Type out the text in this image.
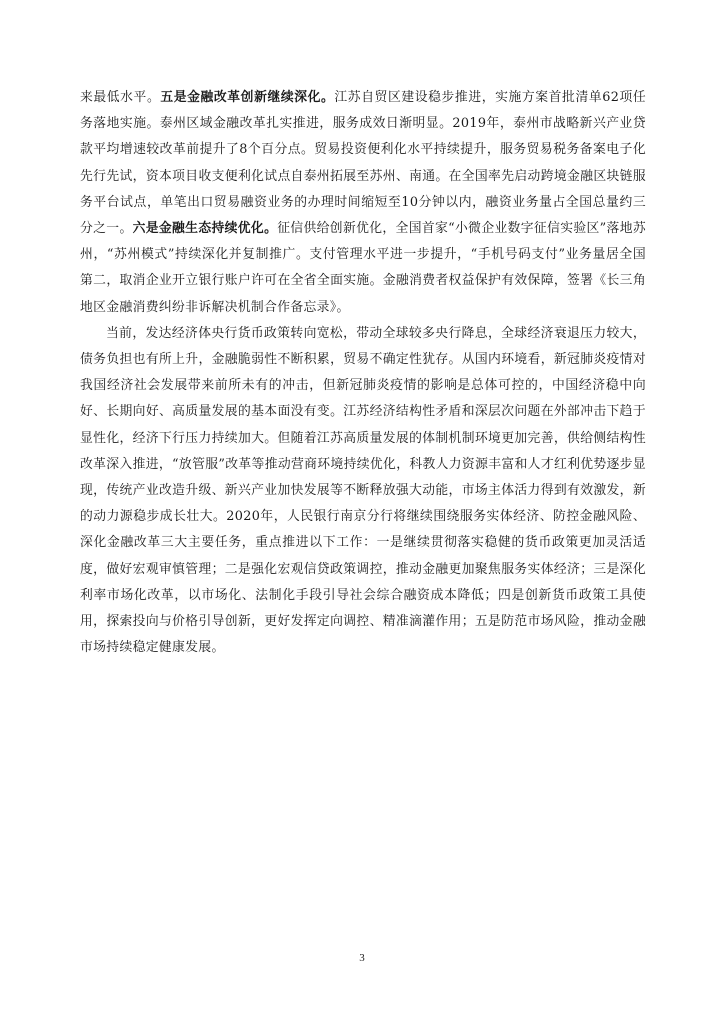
来最低水平。五是金融改革创新继续深化。江苏自贸区建设稳步推进，实施方案首批清单62项任务落地实施。泰州区域金融改革扎实推进，服务成效日渐明显。2019年，泰州市战略新兴产业贷款平均增速较改革前提升了8个百分点。贸易投资便利化水平持续提升，服务贸易税务备案电子化先行先试，资本项目收支便利化试点自泰州拓展至苏州、南通。在全国率先启动跨境金融区块链服务平台试点，单笔出口贸易融资业务的办理时间缩短至10分钟以内，融资业务量占全国总量约三分之一。六是金融生态持续优化。征信供给创新优化，全国首家“小微企业数字征信实验区”落地苏州，“苏州模式”持续深化并复制推广。支付管理水平进一步提升，“手机号码支付”业务量居全国第二，取消企业开立银行账户许可在全省全面实施。金融消费者权益保护有效保障，签署《长三角地区金融消费纠纷非诉解决机制合作备忘录》。

当前，发达经济体央行货币政策转向宽松，带动全球较多央行降息，全球经济衰退压力较大，债务负担也有所上升，金融脆弱性不断积累，贸易不确定性犹存。从国内环境看，新冠肺炎疫情对我国经济社会发展带来前所未有的冲击，但新冠肺炎疫情的影响是总体可控的，中国经济稳中向好、长期向好、高质量发展的基本面没有变。江苏经济结构性矛盾和深层次问题在外部冲击下趋于显性化，经济下行压力持续加大。但随着江苏高质量发展的体制机制环境更加完善，供给侧结构性改革深入推进，“放管服”改革等推动营商环境持续优化，科教人力资源丰富和人才红利优势逐步显现，传统产业改造升级、新兴产业加快发展等不断释放强大动能，市场主体活力得到有效激发，新的动力源稳步成长壮大。2020年，人民银行南京分行将继续围绕服务实体经济、防控金融风险、深化金融改革三大主要任务，重点推进以下工作：一是继续贯彻落实稳健的货币政策更加灵活适度，做好宏观审慎管理；二是强化宏观信贷政策调控，推动金融更加聚焦服务实体经济；三是深化利率市场化改革，以市场化、法制化手段引导社会综合融资成本降低；四是创新货币政策工具使用，探索投向与价格引导创新，更好发挥定向调控、精准滴灌作用；五是防范市场风险，推动金融市场持续稳定健康发展。

3
